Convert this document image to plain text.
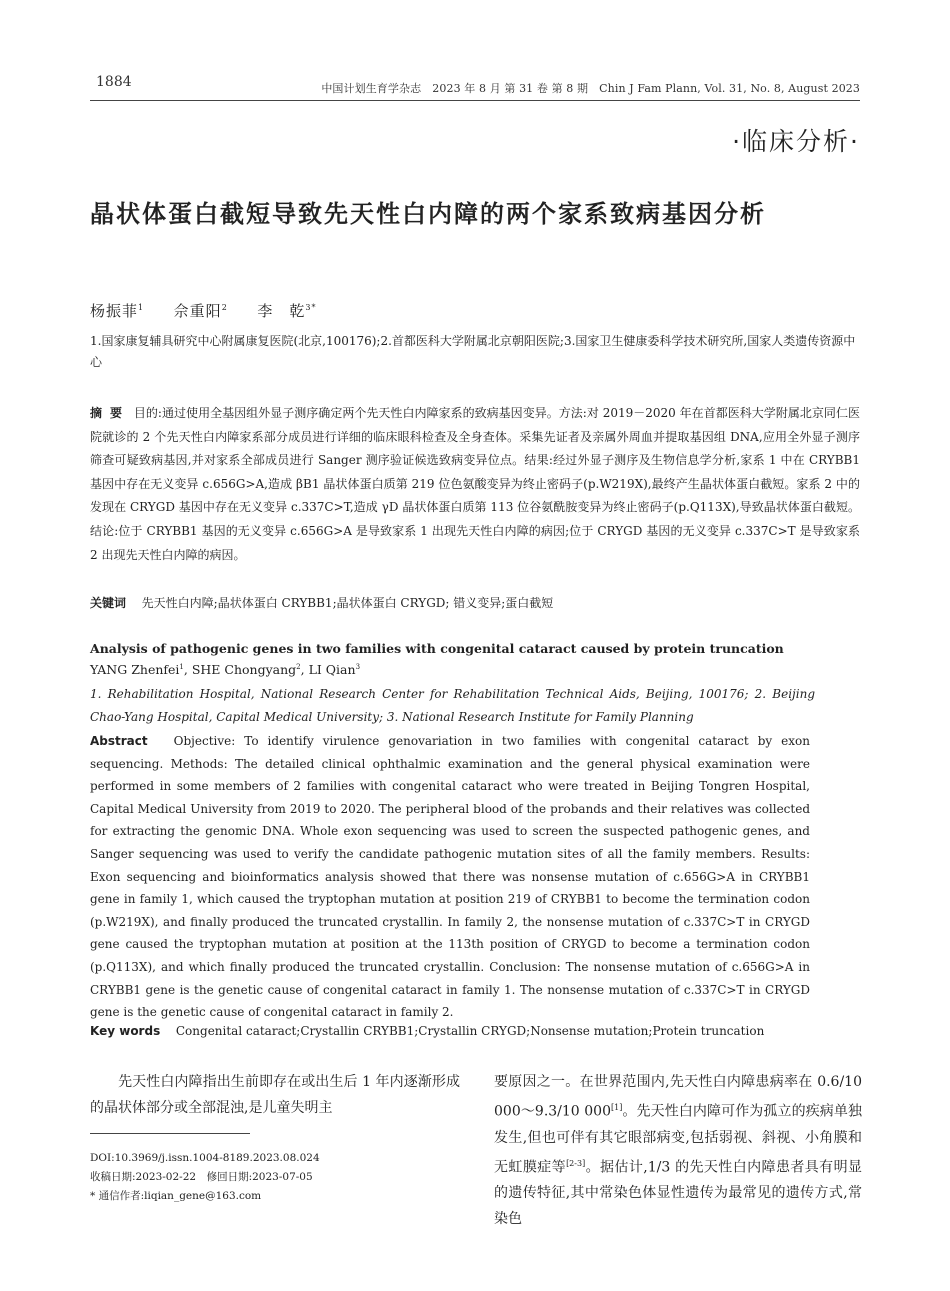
1884	中国计划生育学杂志　2023 年 8 月 第 31 卷 第 8 期　Chin J Fam Plann, Vol. 31, No. 8, August 2023
·临床分析·
晶状体蛋白截短导致先天性白内障的两个家系致病基因分析
杨振菲$^1$ 佘重阳$^2$ 李　乾$^{3*}$
1.国家康复辅具研究中心附属康复医院(北京,100176);2.首都医科大学附属北京朝阳医院;3.国家卫生健康委科学技术研究所,国家人类遗传资源中心
摘要 目的:通过使用全基因组外显子测序确定两个先天性白内障家系的致病基因变异。方法:对 2019－2020 年在首都医科大学附属北京同仁医院就诊的 2 个先天性白内障家系部分成员进行详细的临床眼科检查及全身查体。采集先证者及亲属外周血并提取基因组 DNA,应用全外显子测序筛查可疑致病基因,并对家系全部成员进行 Sanger 测序验证候选致病变异位点。结果:经过外显子测序及生物信息学分析,家系 1 中在 CRYBB1 基因中存在无义变异 c.656G>A,造成 βB1 晶状体蛋白质第 219 位色氨酸变异为终止密码子(p.W219X),最终产生晶状体蛋白截短。家系 2 中的发现在 CRYGD 基因中存在无义变异 c.337C>T,造成 γD 晶状体蛋白质第 113 位谷氨酰胺变异为终止密码子(p.Q113X),导致晶状体蛋白截短。结论:位于 CRYBB1 基因的无义变异 c.656G>A 是导致家系 1 出现先天性白内障的病因;位于 CRYGD 基因的无义变异 c.337C>T 是导致家系 2 出现先天性白内障的病因。
关键词 先天性白内障;晶状体蛋白 CRYBB1;晶状体蛋白 CRYGD; 错义变异;蛋白截短
Analysis of pathogenic genes in two families with congenital cataract caused by protein truncation
YANG Zhenfei$^1$, SHE Chongyang$^2$, LI Qian$^3$
1. Rehabilitation Hospital, National Research Center for Rehabilitation Technical Aids, Beijing, 100176; 2. Beijing Chao-Yang Hospital, Capital Medical University; 3. National Research Institute for Family Planning
Abstract Objective: To identify virulence genovariation in two families with congenital cataract by exon sequencing. Methods: The detailed clinical ophthalmic examination and the general physical examination were performed in some members of 2 families with congenital cataract who were treated in Beijing Tongren Hospital, Capital Medical University from 2019 to 2020. The peripheral blood of the probands and their relatives was collected for extracting the genomic DNA. Whole exon sequencing was used to screen the suspected pathogenic genes, and Sanger sequencing was used to verify the candidate pathogenic mutation sites of all the family members. Results: Exon sequencing and bioinformatics analysis showed that there was nonsense mutation of c.656G>A in CRYBB1 gene in family 1, which caused the tryptophan mutation at position 219 of CRYBB1 to become the termination codon (p.W219X), and finally produced the truncated crystallin. In family 2, the nonsense mutation of c.337C>T in CRYGD gene caused the tryptophan mutation at position at the 113th position of CRYGD to become a termination codon (p.Q113X), and which finally produced the truncated crystallin. Conclusion: The nonsense mutation of c.656G>A in CRYBB1 gene is the genetic cause of congenital cataract in family 1. The nonsense mutation of c.337C>T in CRYGD gene is the genetic cause of congenital cataract in family 2.
Key words Congenital cataract;Crystallin CRYBB1;Crystallin CRYGD;Nonsense mutation;Protein truncation
先天性白内障指出生前即存在或出生后 1 年内逐渐形成的晶状体部分或全部混浊,是儿童失明主
DOI:10.3969/j.issn.1004-8189.2023.08.024
收稿日期:2023-02-22　修回日期:2023-07-05
* 通信作者:liqian_gene@163.com
要原因之一。在世界范围内,先天性白内障患病率在 0.6/10 000～9.3/10 000[1]。先天性白内障可作为孤立的疾病单独发生,但也可伴有其它眼部病变,包括弱视、斜视、小角膜和无虹膜症等[2-3]。据估计,1/3 的先天性白内障患者具有明显的遗传特征,其中常染色体显性遗传为最常见的遗传方式,常染色
